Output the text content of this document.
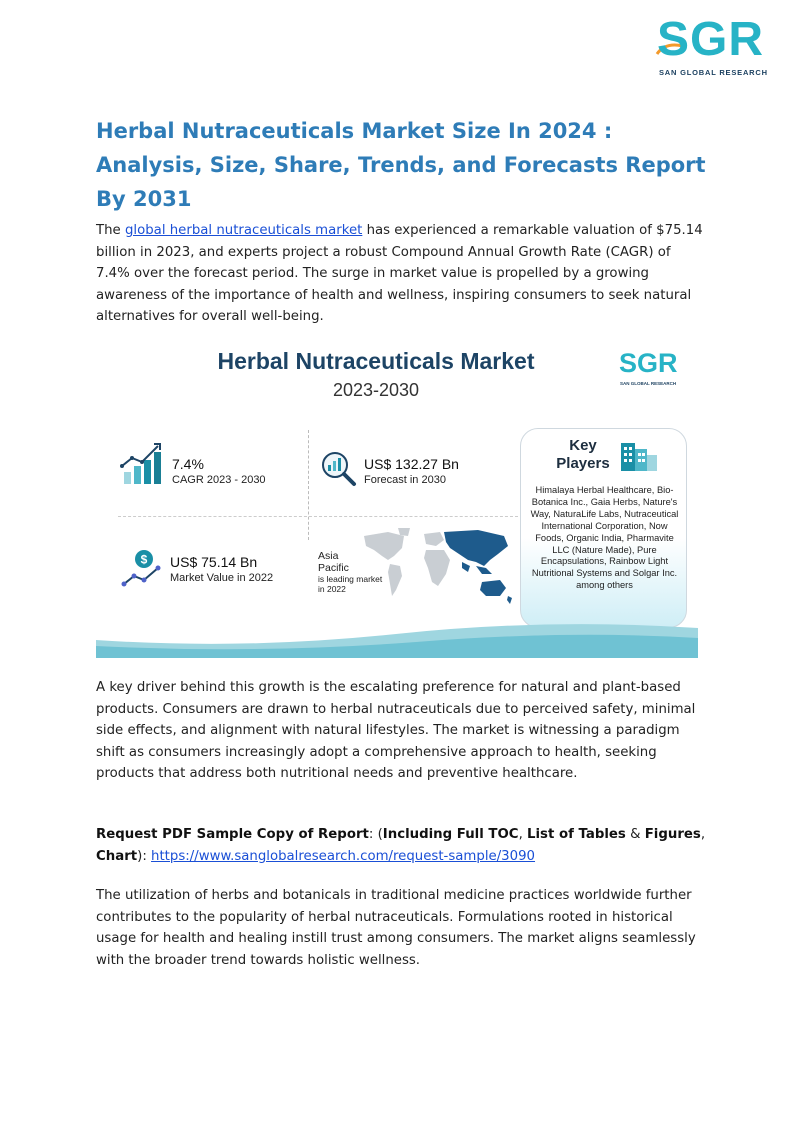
SGR
SAN GLOBAL RESEARCH
Herbal Nutraceuticals Market Size In 2024 : Analysis, Size, Share, Trends, and Forecasts Report By 2031

The global herbal nutraceuticals market has experienced a remarkable valuation of $75.14 billion in 2023, and experts project a robust Compound Annual Growth Rate (CAGR) of 7.4% over the forecast period. The surge in market value is propelled by a growing awareness of the importance of health and wellness, inspiring consumers to seek natural alternatives for overall well-being.

Herbal Nutraceuticals Market
2023-2030
SGR
SAN GLOBAL RESEARCH
7.4%
CAGR 2023 - 2030
US$ 132.27 Bn
Forecast in 2030
$ US$ 75.14 Bn
Market Value in 2022
Asia
Pacific
is leading market
in 2022
Key
Players
Himalaya Herbal Healthcare, Bio-Botanica Inc., Gaia Herbs, Nature's Way, NaturaLife Labs, Nutraceutical International Corporation, Now Foods, Organic India, Pharmavite LLC (Nature Made), Pure Encapsulations, Rainbow Light Nutritional Systems and Solgar Inc. among others

A key driver behind this growth is the escalating preference for natural and plant-based products. Consumers are drawn to herbal nutraceuticals due to perceived safety, minimal side effects, and alignment with natural lifestyles. The market is witnessing a paradigm shift as consumers increasingly adopt a comprehensive approach to health, seeking products that address both nutritional needs and preventive healthcare.

Request PDF Sample Copy of Report: (Including Full TOC, List of Tables & Figures, Chart): https://www.sanglobalresearch.com/request-sample/3090

The utilization of herbs and botanicals in traditional medicine practices worldwide further contributes to the popularity of herbal nutraceuticals. Formulations rooted in historical usage for health and healing instill trust among consumers. The market aligns seamlessly with the broader trend towards holistic wellness.
